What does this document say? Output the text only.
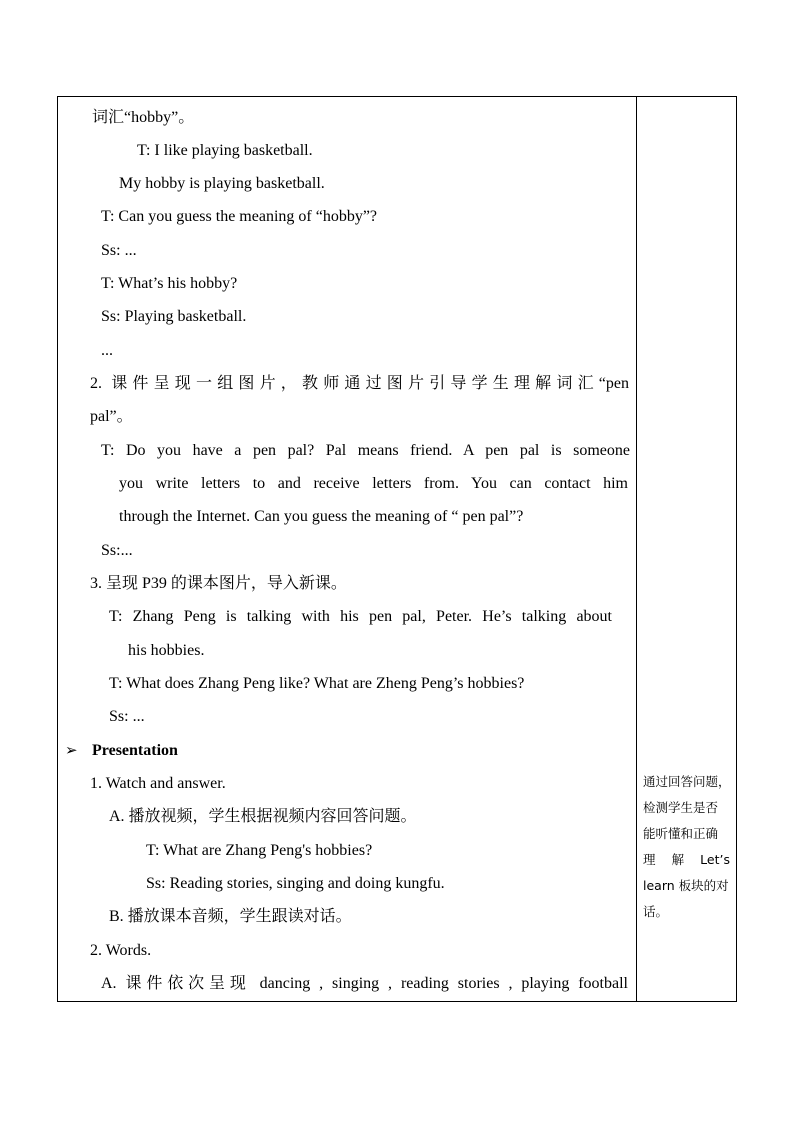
词汇“hobby”。
T: I like playing basketball.
My hobby is playing basketball.
T: Can you guess the meaning of “hobby”?
Ss: ...
T: What’s his hobby?
Ss: Playing basketball.
...
2. 课件呈现一组图片，教师通过图片引导学生理解词汇“pen
pal”。
T: Do you have a pen pal? Pal means friend. A pen pal is someone
you write letters to and receive letters from. You can contact him
through the Internet. Can you guess the meaning of “ pen pal”?
Ss:...
3. 呈现 P39 的课本图片，导入新课。
T: Zhang Peng is talking with his pen pal, Peter. He’s talking about
his hobbies.
T: What does Zhang Peng like? What are Zheng Peng’s hobbies?
Ss: ...
➢ Presentation
1. Watch and answer.
A. 播放视频，学生根据视频内容回答问题。
T: What are Zhang Peng's hobbies?
Ss: Reading stories, singing and doing kungfu.
B. 播放课本音频，学生跟读对话。
2. Words.
A. 课件依次呈现 dancing , singing , reading stories , playing football
通过回答问题，
检测学生是否
能听懂和正确
理 解 Let’s
learn 板块的对
话。
